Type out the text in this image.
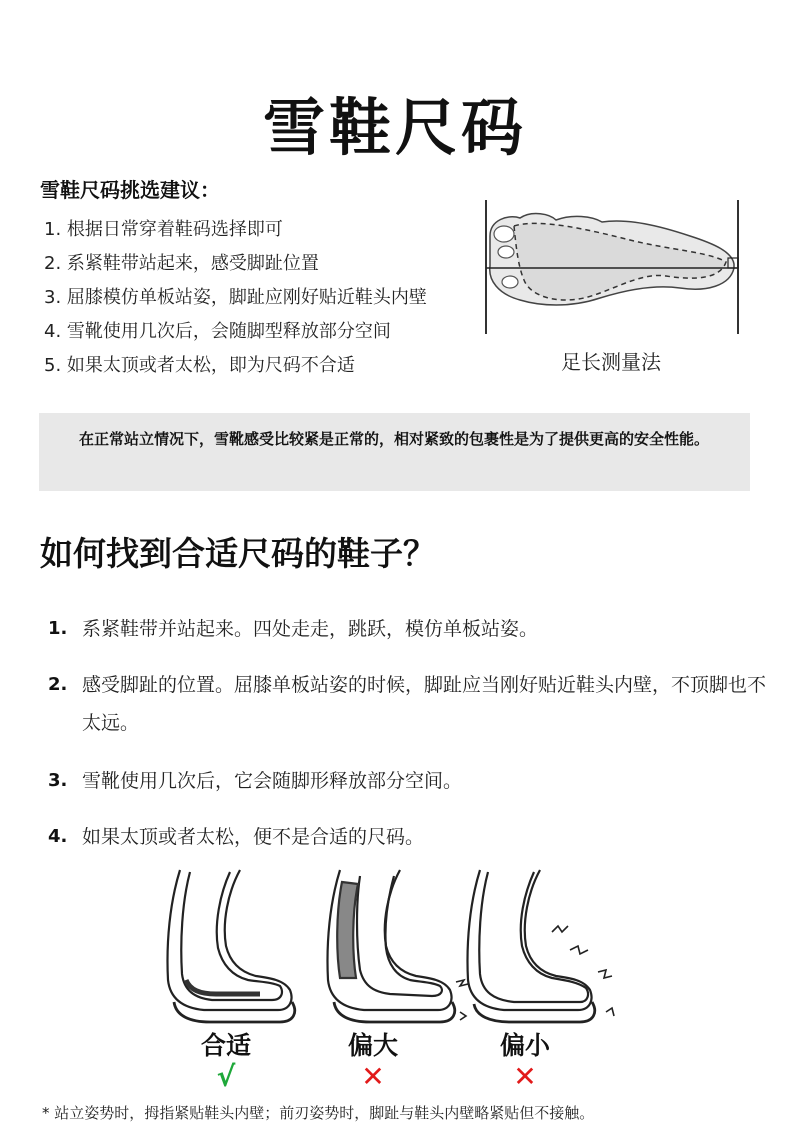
雪鞋尺码
雪鞋尺码挑选建议：
1. 根据日常穿着鞋码选择即可
2. 系紧鞋带站起来，感受脚趾位置
3. 屈膝模仿单板站姿，脚趾应刚好贴近鞋头内壁
4. 雪靴使用几次后，会随脚型释放部分空间
5. 如果太顶或者太松，即为尺码不合适	足长测量法
在正常站立情况下，雪靴感受比较紧是正常的，相对紧致的包裹性是为了提供更高的安全性能。
如何找到合适尺码的鞋子？
1. 系紧鞋带并站起来。四处走走，跳跃，模仿单板站姿。
2. 感受脚趾的位置。屈膝单板站姿的时候，脚趾应当刚好贴近鞋头内壁，不顶脚也不太远。
3. 雪靴使用几次后，它会随脚形释放部分空间。
4. 如果太顶或者太松，便不是合适的尺码。
合适	偏大	偏小
√	✕	✕
* 站立姿势时，拇指紧贴鞋头内壁；前刃姿势时，脚趾与鞋头内壁略紧贴但不接触。
